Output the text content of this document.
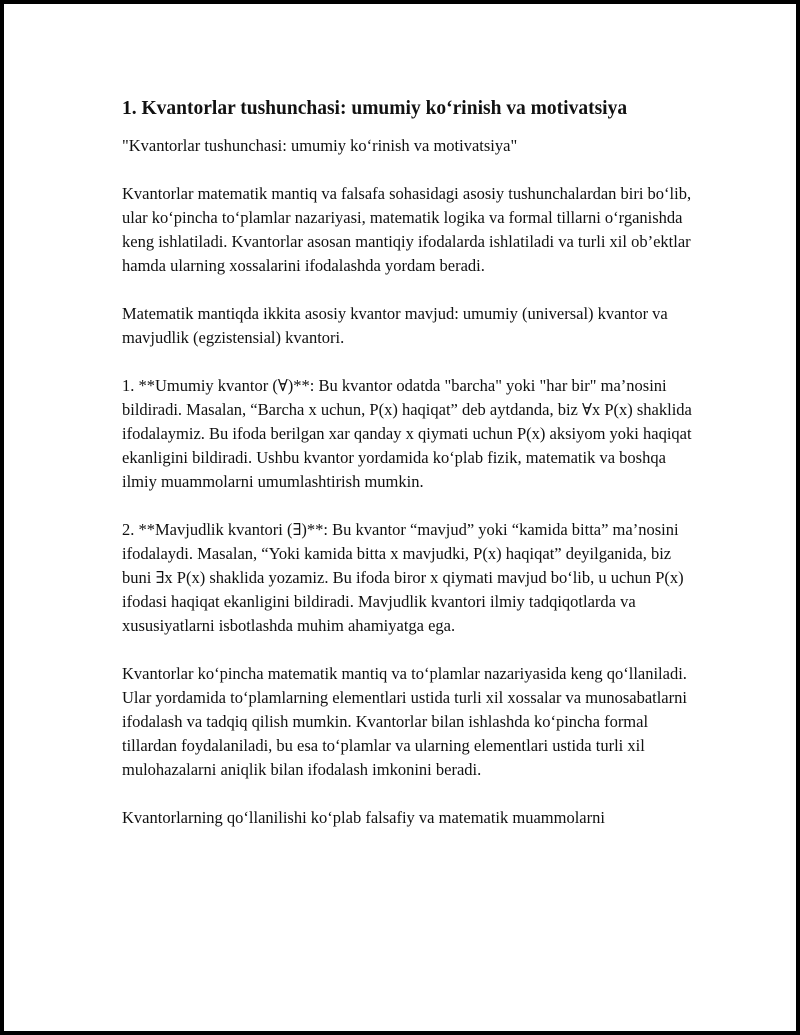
1. Kvantorlar tushunchasi: umumiy ko‘rinish va motivatsiya
"Kvantorlar tushunchasi: umumiy ko‘rinish va motivatsiya"
Kvantorlar matematik mantiq va falsafa sohasidagi asosiy tushunchalardan biri bo‘lib, ular ko‘pincha to‘plamlar nazariyasi, matematik logika va formal tillarni o‘rganishda keng ishlatiladi. Kvantorlar asosan mantiqiy ifodalarda ishlatiladi va turli xil ob’ektlar hamda ularning xossalarini ifodalashda yordam beradi.
Matematik mantiqda ikkita asosiy kvantor mavjud: umumiy (universal) kvantor va mavjudlik (egzistensial) kvantori.
1. **Umumiy kvantor (∀)**: Bu kvantor odatda "barcha" yoki "har bir" ma’nosini bildiradi. Masalan, “Barcha x uchun, P(x) haqiqat” deb aytdanda, biz ∀x P(x) shaklida ifodalaymiz. Bu ifoda berilgan xar qanday x qiymati uchun P(x) aksiyom yoki haqiqat ekanligini bildiradi. Ushbu kvantor yordamida ko‘plab fizik, matematik va boshqa ilmiy muammolarni umumlashtirish mumkin.
2. **Mavjudlik kvantori (∃)**: Bu kvantor “mavjud” yoki “kamida bitta” ma’nosini ifodalaydi. Masalan, “Yoki kamida bitta x mavjudki, P(x) haqiqat” deyilganida, biz buni ∃x P(x) shaklida yozamiz. Bu ifoda biror x qiymati mavjud bo‘lib, u uchun P(x) ifodasi haqiqat ekanligini bildiradi. Mavjudlik kvantori ilmiy tadqiqotlarda va xususiyatlarni isbotlashda muhim ahamiyatga ega.
Kvantorlar ko‘pincha matematik mantiq va to‘plamlar nazariyasida keng qo‘llaniladi. Ular yordamida to‘plamlarning elementlari ustida turli xil xossalar va munosabatlarni ifodalash va tadqiq qilish mumkin. Kvantorlar bilan ishlashda ko‘pincha formal tillardan foydalaniladi, bu esa to‘plamlar va ularning elementlari ustida turli xil mulohazalarni aniqlik bilan ifodalash imkonini beradi.
Kvantorlarning qo‘llanilishi ko‘plab falsafiy va matematik muammolarni
